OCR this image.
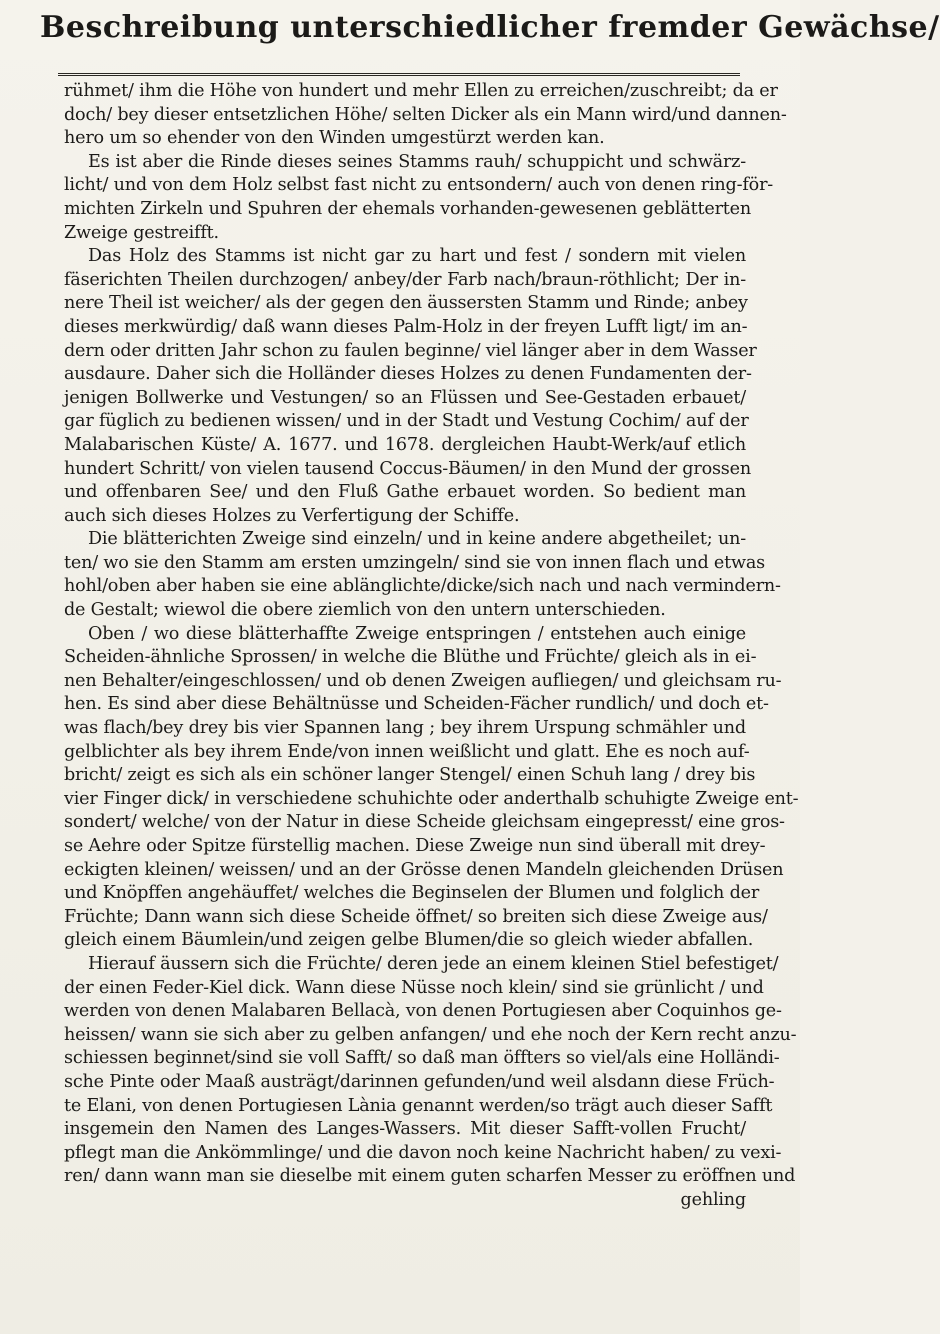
Beschreibung unterschiedlicher fremder Gewächse/
rühmet/ ihm die Höhe von hundert und mehr Ellen zu erreichen/zuschreibt; da er
doch/ bey dieser entsetzlichen Höhe/ selten Dicker als ein Mann wird/und dannen-
hero um so ehender von den Winden umgestürzt werden kan.
Es ist aber die Rinde dieses seines Stamms rauh/ schuppicht und schwärz-
licht/ und von dem Holz selbst fast nicht zu entsondern/ auch von denen ring-för-
michten Zirkeln und Spuhren der ehemals vorhanden-gewesenen geblätterten
Zweige gestreifft.
Das Holz des Stamms ist nicht gar zu hart und fest / sondern mit vielen
fäserichten Theilen durchzogen/ anbey/der Farb nach/braun-röthlicht; Der in-
nere Theil ist weicher/ als der gegen den äussersten Stamm und Rinde; anbey
dieses merkwürdig/ daß wann dieses Palm-Holz in der freyen Lufft ligt/ im an-
dern oder dritten Jahr schon zu faulen beginne/ viel länger aber in dem Wasser
ausdaure. Daher sich die Holländer dieses Holzes zu denen Fundamenten der-
jenigen Bollwerke und Vestungen/ so an Flüssen und See-Gestaden erbauet/
gar füglich zu bedienen wissen/ und in der Stadt und Vestung Cochim/ auf der
Malabarischen Küste/ A. 1677. und 1678. dergleichen Haubt-Werk/auf etlich
hundert Schritt/ von vielen tausend Coccus-Bäumen/ in den Mund der grossen
und offenbaren See/ und den Fluß Gathe erbauet worden. So bedient man
auch sich dieses Holzes zu Verfertigung der Schiffe.
Die blätterichten Zweige sind einzeln/ und in keine andere abgetheilet; un-
ten/ wo sie den Stamm am ersten umzingeln/ sind sie von innen flach und etwas
hohl/oben aber haben sie eine ablänglichte/dicke/sich nach und nach vermindern-
de Gestalt; wiewol die obere ziemlich von den untern unterschieden.
Oben / wo diese blätterhaffte Zweige entspringen / entstehen auch einige
Scheiden-ähnliche Sprossen/ in welche die Blüthe und Früchte/ gleich als in ei-
nen Behalter/eingeschlossen/ und ob denen Zweigen aufliegen/ und gleichsam ru-
hen. Es sind aber diese Behältnüsse und Scheiden-Fächer rundlich/ und doch et-
was flach/bey drey bis vier Spannen lang ; bey ihrem Urspung schmähler und
gelblichter als bey ihrem Ende/von innen weißlicht und glatt. Ehe es noch auf-
bricht/ zeigt es sich als ein schöner langer Stengel/ einen Schuh lang / drey bis
vier Finger dick/ in verschiedene schuhichte oder anderthalb schuhigte Zweige ent-
sondert/ welche/ von der Natur in diese Scheide gleichsam eingepresst/ eine gros-
se Aehre oder Spitze fürstellig machen. Diese Zweige nun sind überall mit drey-
eckigten kleinen/ weissen/ und an der Grösse denen Mandeln gleichenden Drüsen
und Knöpffen angehäuffet/ welches die Beginselen der Blumen und folglich der
Früchte; Dann wann sich diese Scheide öffnet/ so breiten sich diese Zweige aus/
gleich einem Bäumlein/und zeigen gelbe Blumen/die so gleich wieder abfallen.
Hierauf äussern sich die Früchte/ deren jede an einem kleinen Stiel befestiget/
der einen Feder-Kiel dick. Wann diese Nüsse noch klein/ sind sie grünlicht / und
werden von denen Malabaren Bellacà, von denen Portugiesen aber Coquinhos ge-
heissen/ wann sie sich aber zu gelben anfangen/ und ehe noch der Kern recht anzu-
schiessen beginnet/sind sie voll Safft/ so daß man öffters so viel/als eine Holländi-
sche Pinte oder Maaß austrägt/darinnen gefunden/und weil alsdann diese Früch-
te Elani, von denen Portugiesen Lània genannt werden/so trägt auch dieser Safft
insgemein den Namen des Langes-Wassers. Mit dieser Safft-vollen Frucht/
pflegt man die Ankömmlinge/ und die davon noch keine Nachricht haben/ zu vexi-
ren/ dann wann man sie dieselbe mit einem guten scharfen Messer zu eröffnen und
gehling
